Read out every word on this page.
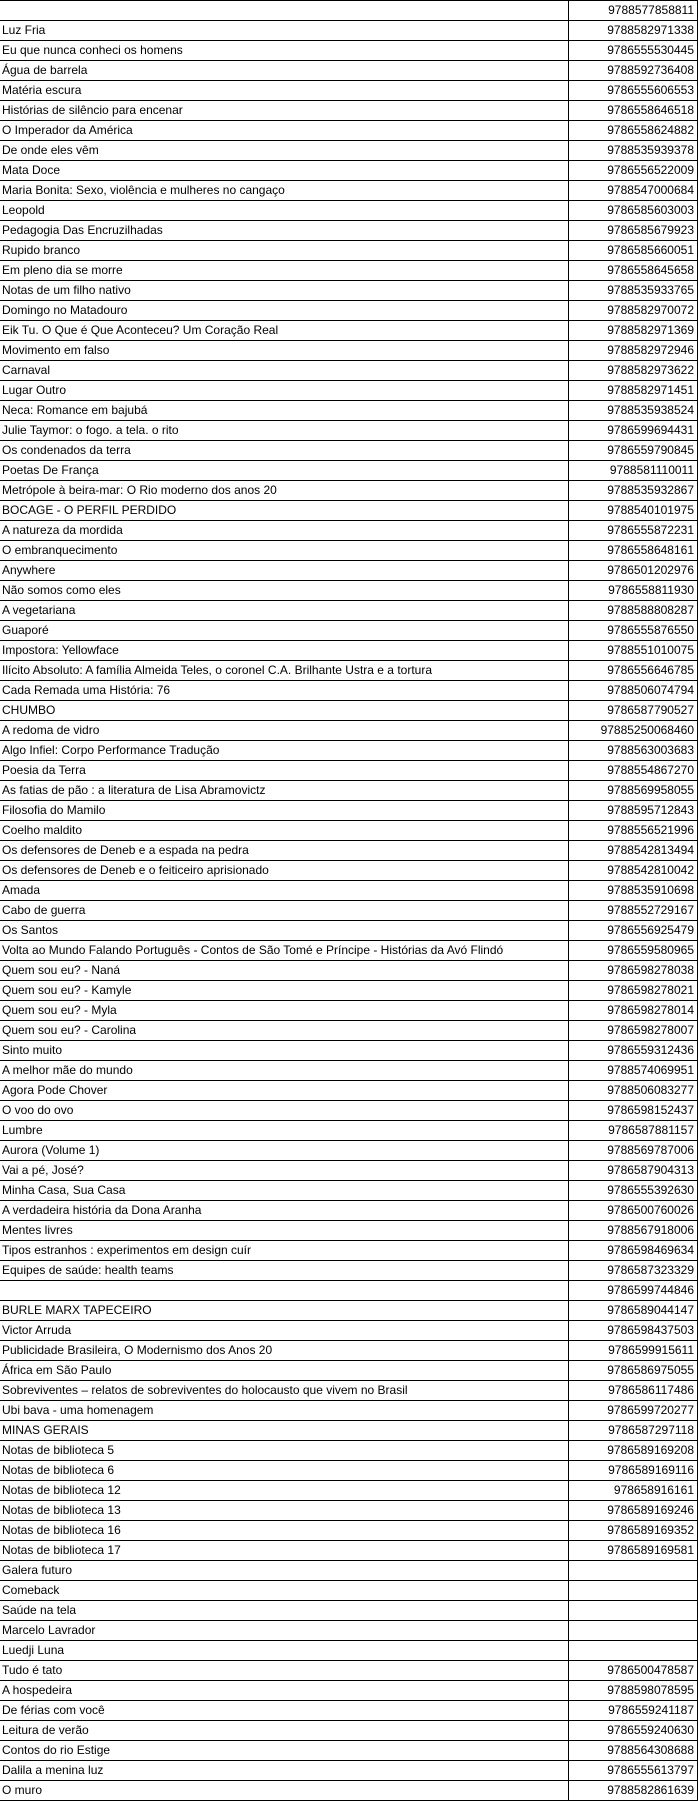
	9788577858811
Luz Fria	9788582971338
Eu que nunca conheci os homens	9786555530445
Água de barrela	9788592736408
Matéria escura	9786555606553
Histórias de silêncio para encenar	9786558646518
O Imperador da América	9786558624882
De onde eles vêm	9788535939378
Mata Doce	9786556522009
Maria Bonita: Sexo, violência e mulheres no cangaço	9788547000684
Leopold	9786585603003
Pedagogia Das Encruzilhadas	9786585679923
Rupido branco	9786585660051
Em pleno dia se morre	9786558645658
Notas de um filho nativo	9788535933765
Domingo no Matadouro	9788582970072
Eik Tu. O Que é Que Aconteceu? Um Coração Real	9788582971369
Movimento em falso	9788582972946
Carnaval	9788582973622
Lugar Outro	9788582971451
Neca: Romance em bajubá	9788535938524
Julie Taymor: o fogo. a tela. o rito	9786599694431
Os condenados da terra	9786559790845
Poetas De França	9788581110011
Metrópole à beira-mar: O Rio moderno dos anos 20	9788535932867
BOCAGE - O PERFIL PERDIDO	9788540101975
A natureza da mordida	9786555872231
O embranquecimento	9786558648161
Anywhere	9786501202976
Não somos como eles	9786558811930
A vegetariana	9788588808287
Guaporé	9786555876550
Impostora: Yellowface	9788551010075
Ilícito Absoluto: A família Almeida Teles, o coronel C.A. Brilhante Ustra e a tortura	9786556646785
Cada Remada uma História: 76	9788506074794
CHUMBO	9786587790527
A redoma de vidro	97885250068460
Algo Infiel: Corpo Performance Tradução	9788563003683
Poesia da Terra	9788554867270
As fatias de pão : a literatura de Lisa Abramovictz	9788569958055
Filosofia do Mamilo	9788595712843
Coelho maldito	9788556521996
Os defensores de Deneb e a espada na pedra	9788542813494
Os defensores de Deneb e o feiticeiro aprisionado	9788542810042
Amada	9788535910698
Cabo de guerra	9788552729167
Os Santos	9786556925479
Volta ao Mundo Falando Português - Contos de São Tomé e Príncipe - Histórias da Avó Flindó	9786559580965
Quem sou eu? - Naná	9786598278038
Quem sou eu? - Kamyle	9786598278021
Quem sou eu? - Myla	9786598278014
Quem sou eu? - Carolina	9786598278007
Sinto muito	9786559312436
A melhor mãe do mundo	9788574069951
Agora Pode Chover	9788506083277
O voo do ovo	9786598152437
Lumbre	9786587881157
Aurora (Volume 1)	9788569787006
Vai a pé, José?	9786587904313
Minha Casa, Sua Casa	9786555392630
A verdadeira história da Dona Aranha	9786500760026
Mentes livres	9788567918006
Tipos estranhos : experimentos em design cuír	9786598469634
Equipes de saúde: health teams	9786587323329
	9786599744846
BURLE MARX TAPECEIRO	9786589044147
Victor Arruda	9786598437503
Publicidade Brasileira, O Modernismo dos Anos 20	9786599915611
África em São Paulo	9786586975055
Sobreviventes – relatos de sobreviventes do holocausto que vivem no Brasil	9786586117486
Ubi bava - uma homenagem	9786599720277
MINAS GERAIS	9786587297118
Notas de biblioteca 5	9786589169208
Notas de biblioteca 6	9786589169116
Notas de biblioteca 12	978658916161
Notas de biblioteca 13	9786589169246
Notas de biblioteca 16	9786589169352
Notas de biblioteca 17	9786589169581
Galera futuro	
Comeback	
Saúde na tela	
Marcelo Lavrador	
Luedji Luna	
Tudo é tato	9786500478587
A hospedeira	9788598078595
De férias com você	9786559241187
Leitura de verão	9786559240630
Contos do rio Estige	9788564308688
Dalila a menina luz	9786555613797
O muro	9788582861639
